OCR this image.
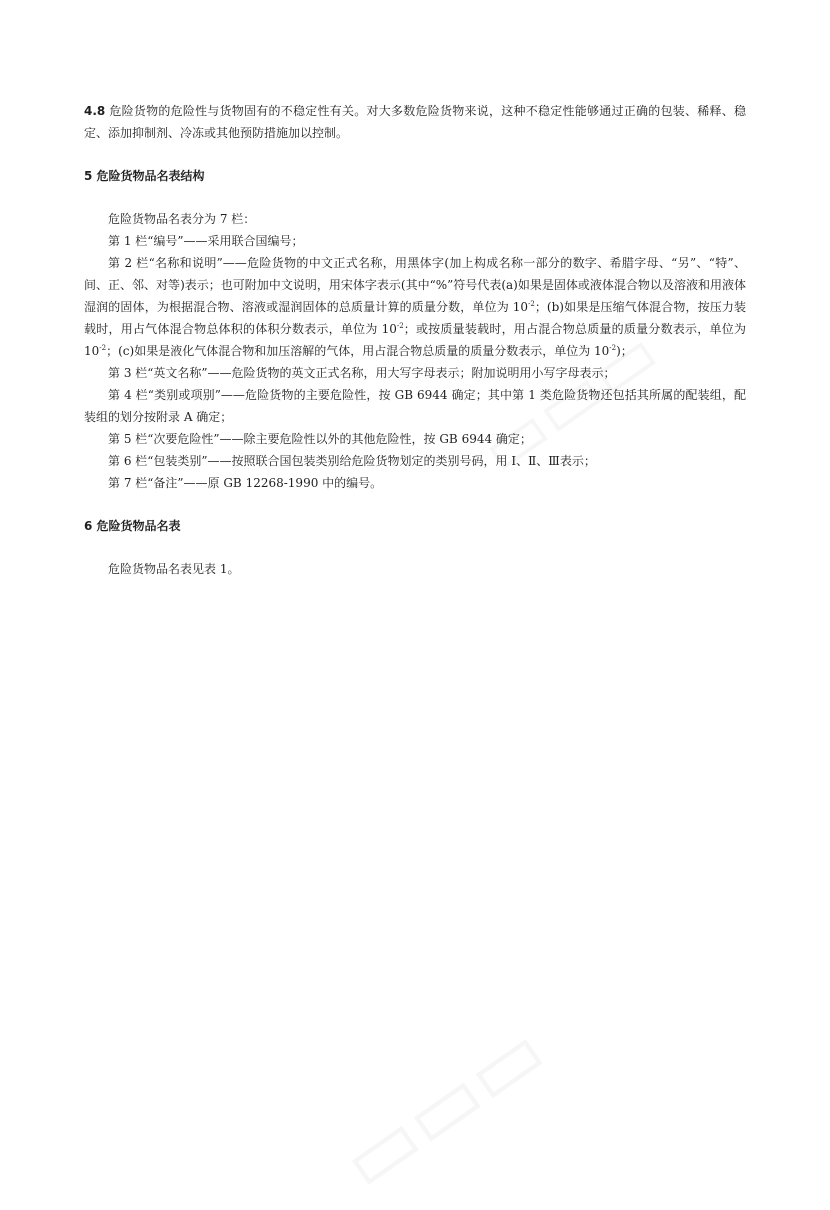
4.8 危险货物的危险性与货物固有的不稳定性有关。对大多数危险货物来说，这种不稳定性能够通过正确的包装、稀释、稳定、添加抑制剂、冷冻或其他预防措施加以控制。

5 危险货物品名表结构

危险货物品名表分为 7 栏：

第 1 栏“编号”——采用联合国编号；

第 2 栏“名称和说明”——危险货物的中文正式名称，用黑体字(加上构成名称一部分的数字、希腊字母、“另”、“特”、间、正、邻、对等)表示；也可附加中文说明，用宋体字表示(其中“%”符号代表(a)如果是固体或液体混合物以及溶液和用液体湿润的固体，为根据混合物、溶液或湿润固体的总质量计算的质量分数，单位为 $10^{-2}$；(b)如果是压缩气体混合物，按压力装载时，用占气体混合物总体积的体积分数表示，单位为 $10^{-2}$；或按质量装载时，用占混合物总质量的质量分数表示，单位为 $10^{-2}$；(c)如果是液化气体混合物和加压溶解的气体，用占混合物总质量的质量分数表示，单位为 $10^{-2}$)；

第 3 栏“英文名称”——危险货物的英文正式名称，用大写字母表示；附加说明用小写字母表示；

第 4 栏“类别或项别”——危险货物的主要危险性，按 GB 6944 确定；其中第 1 类危险货物还包括其所属的配装组，配装组的划分按附录 A 确定；

第 5 栏“次要危险性”——除主要危险性以外的其他危险性，按 GB 6944 确定；

第 6 栏“包装类别”——按照联合国包装类别给危险货物划定的类别号码，用 Ⅰ、Ⅱ、Ⅲ表示；

第 7 栏“备注”——原 GB 12268-1990 中的编号。

6 危险货物品名表

危险货物品名表见表 1。
